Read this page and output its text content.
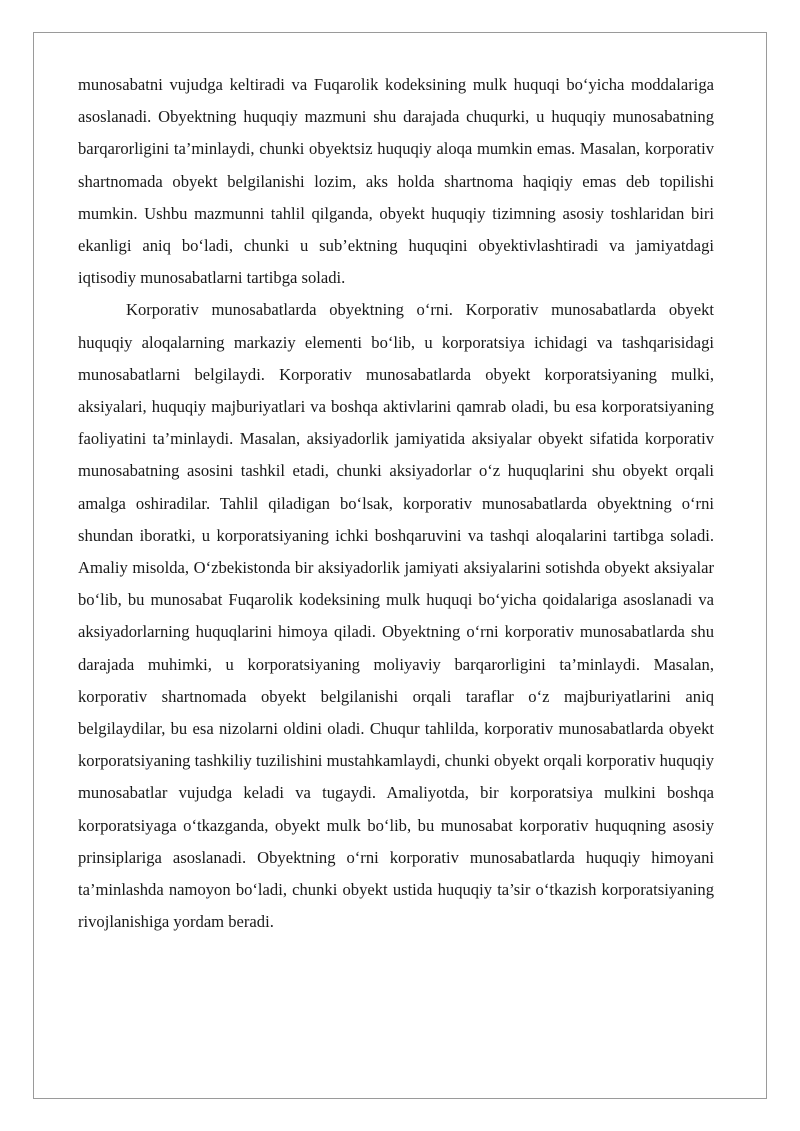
munosabatni vujudga keltiradi va Fuqarolik kodeksining mulk huquqi bo‘yicha moddalariga asoslanadi. Obyektning huquqiy mazmuni shu darajada chuqurki, u huquqiy munosabatning barqarorligini ta’minlaydi, chunki obyektsiz huquqiy aloqa mumkin emas. Masalan, korporativ shartnomada obyekt belgilanishi lozim, aks holda shartnoma haqiqiy emas deb topilishi mumkin. Ushbu mazmunni tahlil qilganda, obyekt huquqiy tizimning asosiy toshlaridan biri ekanligi aniq bo‘ladi, chunki u sub’ektning huquqini obyektivlashtiradi va jamiyatdagi iqtisodiy munosabatlarni tartibga soladi.

Korporativ munosabatlarda obyektning o‘rni. Korporativ munosabatlarda obyekt huquqiy aloqalarning markaziy elementi bo‘lib, u korporatsiya ichidagi va tashqarisidagi munosabatlarni belgilaydi. Korporativ munosabatlarda obyekt korporatsiyaning mulki, aksiyalari, huquqiy majburiyatlari va boshqa aktivlarini qamrab oladi, bu esa korporatsiyaning faoliyatini ta’minlaydi. Masalan, aksiyadorlik jamiyatida aksiyalar obyekt sifatida korporativ munosabatning asosini tashkil etadi, chunki aksiyadorlar o‘z huquqlarini shu obyekt orqali amalga oshiradilar. Tahlil qiladigan bo‘lsak, korporativ munosabatlarda obyektning o‘rni shundan iboratki, u korporatsiyaning ichki boshqaruvini va tashqi aloqalarini tartibga soladi. Amaliy misolda, O‘zbekistonda bir aksiyadorlik jamiyati aksiyalarini sotishda obyekt aksiyalar bo‘lib, bu munosabat Fuqarolik kodeksining mulk huquqi bo‘yicha qoidalariga asoslanadi va aksiyadorlarning huquqlarini himoya qiladi. Obyektning o‘rni korporativ munosabatlarda shu darajada muhimki, u korporatsiyaning moliyaviy barqarorligini ta’minlaydi. Masalan, korporativ shartnomada obyekt belgilanishi orqali taraflar o‘z majburiyatlarini aniq belgilaydilar, bu esa nizolarni oldini oladi. Chuqur tahlilda, korporativ munosabatlarda obyekt korporatsiyaning tashkiliy tuzilishini mustahkamlaydi, chunki obyekt orqali korporativ huquqiy munosabatlar vujudga keladi va tugaydi. Amaliyotda, bir korporatsiya mulkini boshqa korporatsiyaga o‘tkazganda, obyekt mulk bo‘lib, bu munosabat korporativ huquqning asosiy prinsiplariga asoslanadi. Obyektning o‘rni korporativ munosabatlarda huquqiy himoyani ta’minlashda namoyon bo‘ladi, chunki obyekt ustida huquqiy ta’sir o‘tkazish korporatsiyaning rivojlanishiga yordam beradi.
